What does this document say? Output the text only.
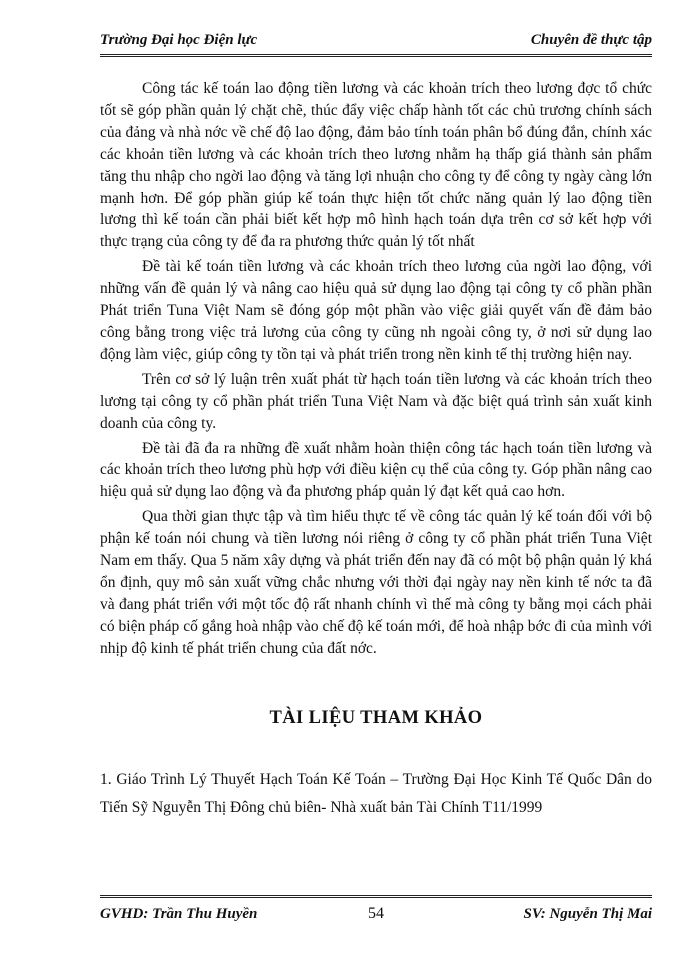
Trường Đại học Điện lực	Chuyên đề thực tập

Công tác kế toán lao động tiền lương và các khoản trích theo lương đợc tổ chức tốt sẽ góp phần quản lý chặt chẽ, thúc đẩy việc chấp hành tốt các chủ trương chính sách của đảng và nhà nớc về chế độ lao động, đảm bảo tính toán phân bổ đúng đắn, chính xác các khoản tiền lương và các khoản trích theo lương nhằm hạ thấp giá thành sản phẩm tăng thu nhập cho ngời lao động và tăng lợi nhuận cho công ty để công ty ngày càng lớn mạnh hơn. Để góp phần giúp kế toán thực hiện tốt chức năng quản lý lao động tiền lương thì kế toán cần phải biết kết hợp mô hình hạch toán dựa trên cơ sở kết hợp với thực trạng của công ty để đa ra phương thức quản lý tốt nhất

Đề tài kế toán tiền lương và các khoản trích theo lương của ngời lao động, với những vấn đề quản lý và nâng cao hiệu quả sử dụng lao động tại công ty cổ phần phần Phát triển Tuna Việt Nam sẽ đóng góp một phần vào việc giải quyết vấn đề đảm bảo công bằng trong việc trả lương của công ty cũng nh ngoài công ty, ở nơi sử dụng lao động làm việc, giúp công ty tồn tại và phát triển trong nền kinh tế thị trường hiện nay.

Trên cơ sở lý luận trên xuất phát từ hạch toán tiền lương và các khoản trích theo lương tại công ty cổ phần phát triển Tuna Việt Nam và đặc biệt quá trình sản xuất kinh doanh của công ty.

Đề tài đã đa ra những đề xuất nhằm hoàn thiện công tác hạch toán tiền lương và các khoản trích theo lương phù hợp với điều kiện cụ thể của công ty. Góp phần nâng cao hiệu quả sử dụng lao động và đa phương pháp quản lý đạt kết quả cao hơn.

Qua thời gian thực tập và tìm hiểu thực tế về công tác quản lý kế toán đối với bộ phận kế toán nói chung và tiền lương nói riêng ở công ty cổ phần phát triển Tuna Việt Nam em thấy. Qua 5 năm xây dựng và phát triển đến nay đã có một bộ phận quản lý khá ổn định, quy mô sản xuất vững chắc nhưng với thời đại ngày nay nền kinh tế nớc ta đã và đang phát triển với một tốc độ rất nhanh chính vì thế mà công ty bằng mọi cách phải có biện pháp cố gắng hoà nhập vào chế độ kế toán mới, để hoà nhập bớc đi của mình với nhịp độ kinh tế phát triển chung của đất nớc.

TÀI LIỆU THAM KHẢO

1. Giáo Trình Lý Thuyết Hạch Toán Kế Toán – Trường Đại Học Kinh Tế Quốc Dân do Tiến Sỹ Nguyễn Thị Đông chủ biên- Nhà xuất bản Tài Chính T11/1999

GVHD: Trần Thu Huyền	54	SV: Nguyễn Thị Mai
